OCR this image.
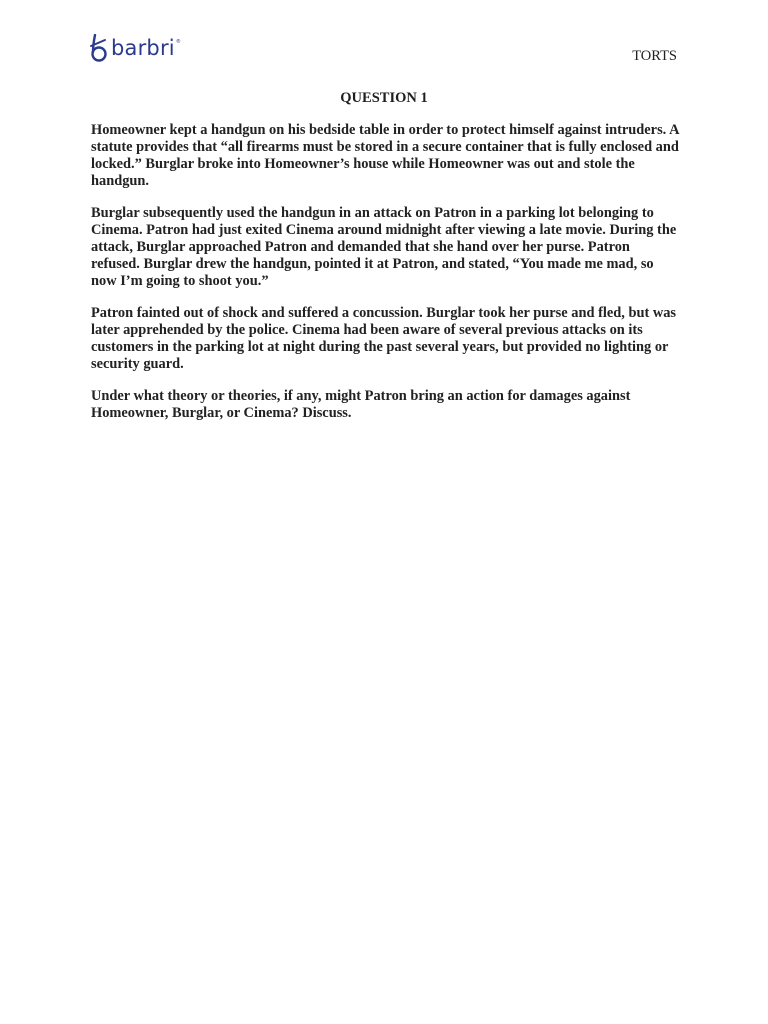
barbri ®
TORTS
QUESTION 1

Homeowner kept a handgun on his bedside table in order to protect himself against intruders. A statute provides that “all firearms must be stored in a secure container that is fully enclosed and locked.” Burglar broke into Homeowner’s house while Homeowner was out and stole the handgun.

Burglar subsequently used the handgun in an attack on Patron in a parking lot belonging to Cinema. Patron had just exited Cinema around midnight after viewing a late movie. During the attack, Burglar approached Patron and demanded that she hand over her purse. Patron refused. Burglar drew the handgun, pointed it at Patron, and stated, “You made me mad, so now I’m going to shoot you.”

Patron fainted out of shock and suffered a concussion. Burglar took her purse and fled, but was later apprehended by the police. Cinema had been aware of several previous attacks on its customers in the parking lot at night during the past several years, but provided no lighting or security guard.

Under what theory or theories, if any, might Patron bring an action for damages against Homeowner, Burglar, or Cinema? Discuss.
